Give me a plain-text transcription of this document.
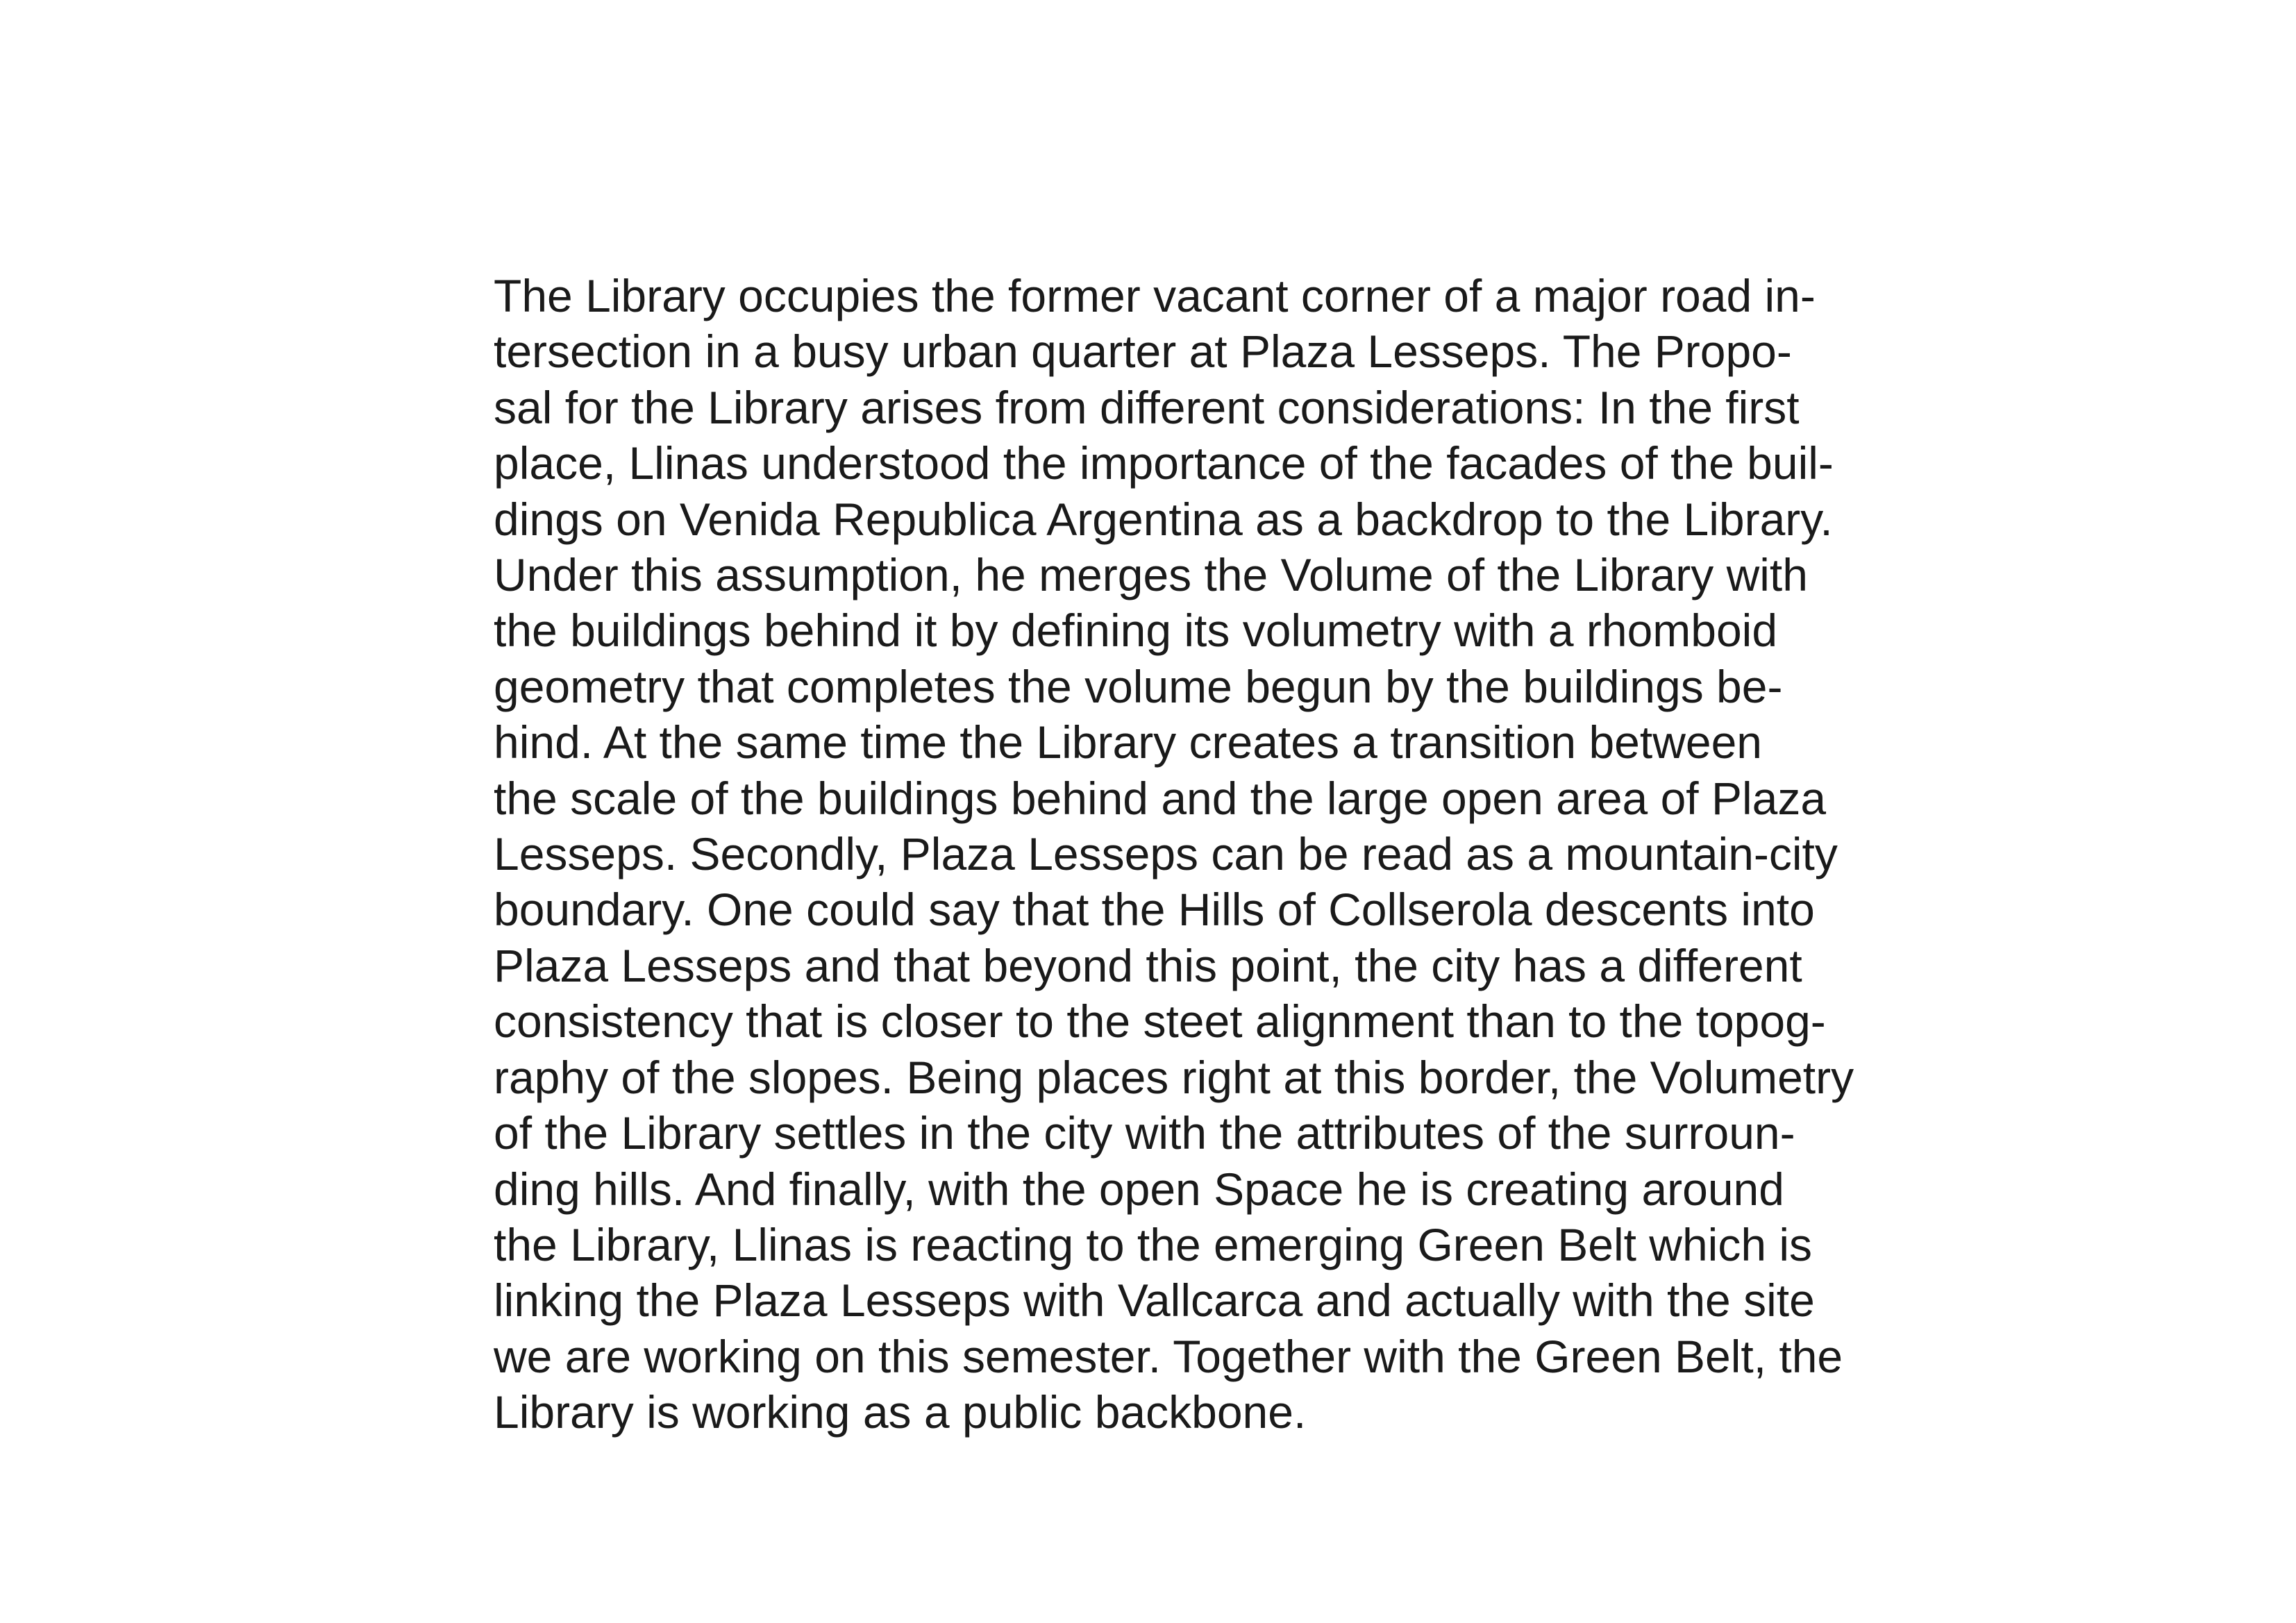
The Library occupies the former vacant corner of a major road in-
tersection in a busy urban quarter at Plaza Lesseps. The Propo-
sal for the Library arises from different considerations: In the first
place, Llinas understood the importance of the facades of the buil-
dings on Venida Republica Argentina as a backdrop to the Library.
Under this assumption, he merges the Volume of the Library with
the buildings behind it by defining its volumetry with a rhomboid
geometry that completes the volume begun by the buildings be-
hind. At the same time the Library creates a transition between
the scale of the buildings behind and the large open area of Plaza
Lesseps. Secondly, Plaza Lesseps can be read as a mountain-city
boundary. One could say that the Hills of Collserola descents into
Plaza Lesseps and that beyond this point, the city has a different
consistency that is closer to the steet alignment than to the topog-
raphy of the slopes. Being places right at this border, the Volumetry
of the Library settles in the city with the attributes of the surroun-
ding hills. And finally, with the open Space he is creating around
the Library, Llinas is reacting to the emerging Green Belt which is
linking the Plaza Lesseps with Vallcarca and actually with the site
we are working on this semester. Together with the Green Belt, the
Library is working as a public backbone.
